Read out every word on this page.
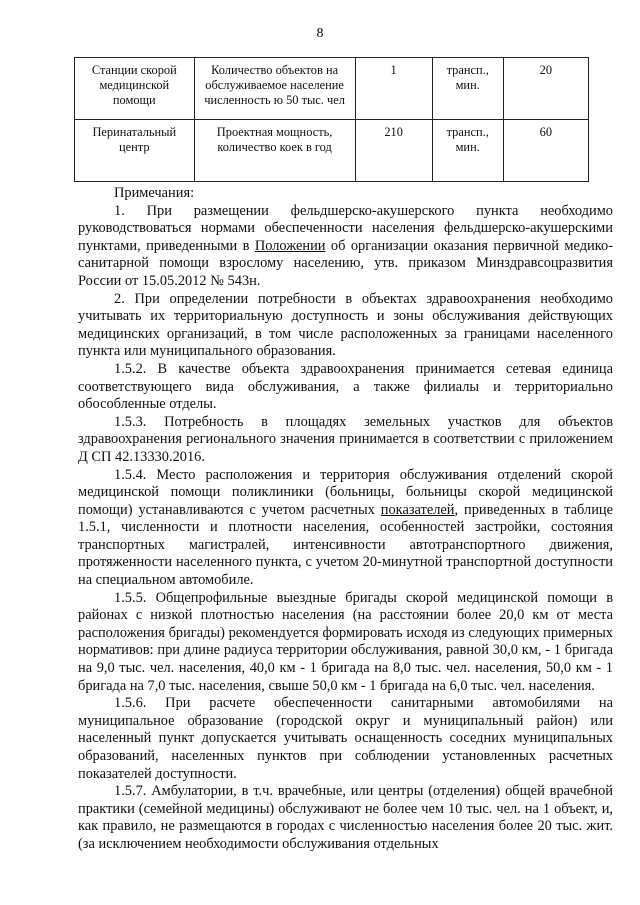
8
Станции скорой медицинской помощи	Количество объектов на обслуживаемое население численность ю 50 тыс. чел	1	трансп., мин.	20
Перинатальный центр	Проектная мощность, количество коек в год	210	трансп., мин.	60

Примечания:

1. При размещении фельдшерско-акушерского пункта необходимо руководствоваться нормами обеспеченности населения фельдшерско-акушерскими пунктами, приведенными в Положении об организации оказания первичной медико-санитарной помощи взрослому населению, утв. приказом Минздравсоцразвития России от 15.05.2012 № 543н.

2. При определении потребности в объектах здравоохранения необходимо учитывать их территориальную доступность и зоны обслуживания действующих медицинских организаций, в том числе расположенных за границами населенного пункта или муниципального образования.

1.5.2. В качестве объекта здравоохранения принимается сетевая единица соответствующего вида обслуживания, а также филиалы и территориально обособленные отделы.

1.5.3. Потребность в площадях земельных участков для объектов здравоохранения регионального значения принимается в соответствии с приложением Д СП 42.13330.2016.

1.5.4. Место расположения и территория обслуживания отделений скорой медицинской помощи поликлиники (больницы, больницы скорой медицинской помощи) устанавливаются с учетом расчетных показателей, приведенных в таблице 1.5.1, численности и плотности населения, особенностей застройки, состояния транспортных магистралей, интенсивности автотранспортного движения, протяженности населенного пункта, с учетом 20-минутной транспортной доступности на специальном автомобиле.

1.5.5. Общепрофильные выездные бригады скорой медицинской помощи в районах с низкой плотностью населения (на расстоянии более 20,0 км от места расположения бригады) рекомендуется формировать исходя из следующих примерных нормативов: при длине радиуса территории обслуживания, равной 30,0 км, - 1 бригада на 9,0 тыс. чел. населения, 40,0 км - 1 бригада на 8,0 тыс. чел. населения, 50,0 км - 1 бригада на 7,0 тыс. населения, свыше 50,0 км - 1 бригада на 6,0 тыс. чел. населения.

1.5.6. При расчете обеспеченности санитарными автомобилями на муниципальное образование (городской округ и муниципальный район) или населенный пункт допускается учитывать оснащенность соседних муниципальных образований, населенных пунктов при соблюдении установленных расчетных показателей доступности.

1.5.7. Амбулатории, в т.ч. врачебные, или центры (отделения) общей врачебной практики (семейной медицины) обслуживают не более чем 10 тыс. чел. на 1 объект, и, как правило, не размещаются в городах с численностью населения более 20 тыс. жит. (за исключением необходимости обслуживания отдельных
